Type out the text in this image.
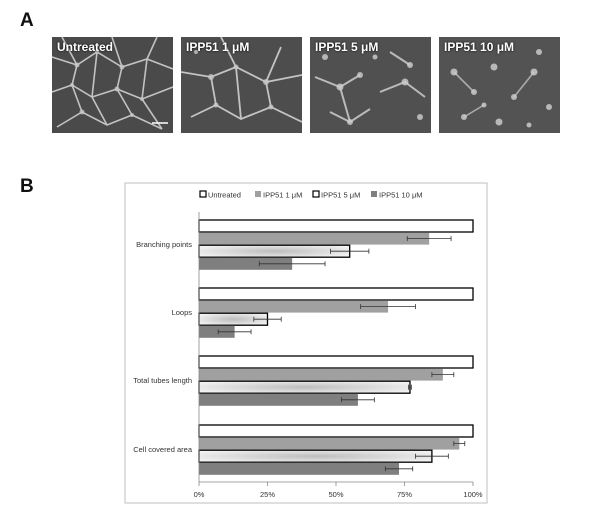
A
Untreated	IPP51 1 μM	IPP51 5 μM	IPP51 10 μM
B	Untreated	IPP51 1 μM IPP51 5 μM IPP51 10 μM
Branching points
Loops
Total tubes length
Cell covered area
0%	25%	50%	75%	100%
